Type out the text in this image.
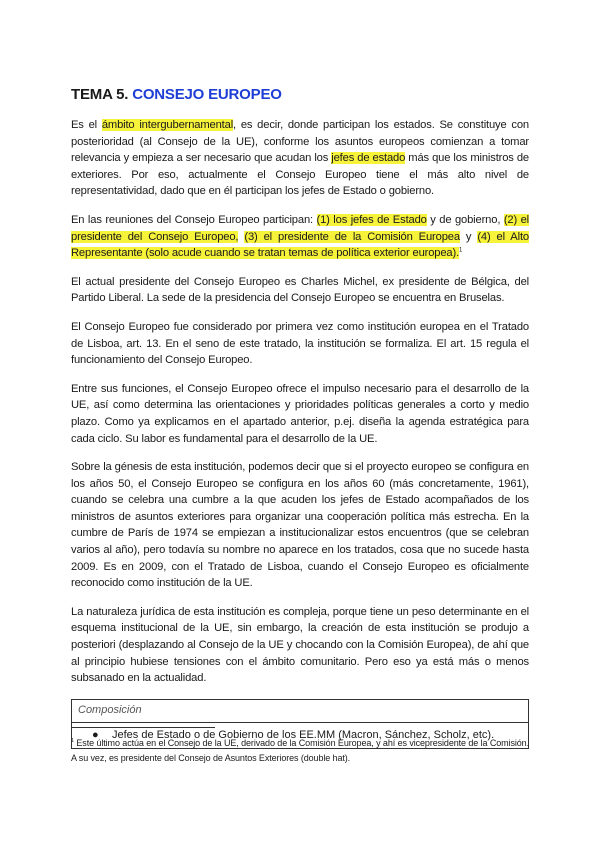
TEMA 5. CONSEJO EUROPEO

Es el ámbito intergubernamental, es decir, donde participan los estados. Se constituye con posterioridad (al Consejo de la UE), conforme los asuntos europeos comienzan a tomar relevancia y empieza a ser necesario que acudan los jefes de estado más que los ministros de exteriores. Por eso, actualmente el Consejo Europeo tiene el más alto nivel de representatividad, dado que en él participan los jefes de Estado o gobierno.

En las reuniones del Consejo Europeo participan: (1) los jefes de Estado y de gobierno, (2) el presidente del Consejo Europeo, (3) el presidente de la Comisión Europea y (4) el Alto Representante (solo acude cuando se tratan temas de política exterior europea).$^1$

El actual presidente del Consejo Europeo es Charles Michel, ex presidente de Bélgica, del Partido Liberal. La sede de la presidencia del Consejo Europeo se encuentra en Bruselas.

El Consejo Europeo fue considerado por primera vez como institución europea en el Tratado de Lisboa, art. 13. En el seno de este tratado, la institución se formaliza. El art. 15 regula el funcionamiento del Consejo Europeo.

Entre sus funciones, el Consejo Europeo ofrece el impulso necesario para el desarrollo de la UE, así como determina las orientaciones y prioridades políticas generales a corto y medio plazo. Como ya explicamos en el apartado anterior, p.ej. diseña la agenda estratégica para cada ciclo. Su labor es fundamental para el desarrollo de la UE.

Sobre la génesis de esta institución, podemos decir que si el proyecto europeo se configura en los años 50, el Consejo Europeo se configura en los años 60 (más concretamente, 1961), cuando se celebra una cumbre a la que acuden los jefes de Estado acompañados de los ministros de asuntos exteriores para organizar una cooperación política más estrecha. En la cumbre de París de 1974 se empiezan a institucionalizar estos encuentros (que se celebran varios al año), pero todavía su nombre no aparece en los tratados, cosa que no sucede hasta 2009. Es en 2009, con el Tratado de Lisboa, cuando el Consejo Europeo es oficialmente reconocido como institución de la UE.

La naturaleza jurídica de esta institución es compleja, porque tiene un peso determinante en el esquema institucional de la UE, sin embargo, la creación de esta institución se produjo a posteriori (desplazando al Consejo de la UE y chocando con la Comisión Europea), de ahí que al principio hubiese tensiones con el ámbito comunitario. Pero eso ya está más o menos subsanado en la actualidad.

Composición
● Jefes de Estado o de Gobierno de los EE.MM (Macron, Sánchez, Scholz, etc).
$^1$ Este último actúa en el Consejo de la UE, derivado de la Comisión Europea, y ahí es vicepresidente de la Comisión. A su vez, es presidente del Consejo de Asuntos Exteriores (double hat).
